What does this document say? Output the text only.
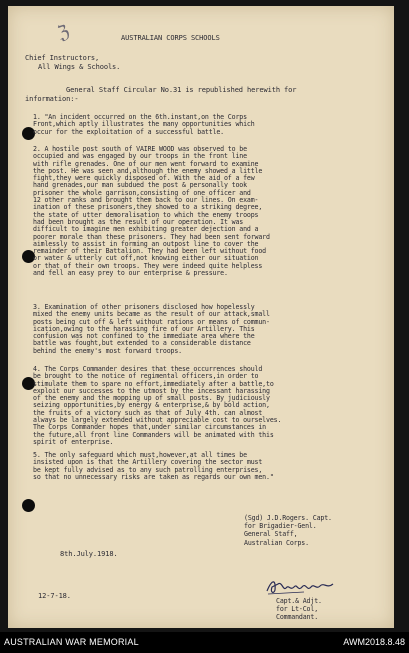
ℨ	AUSTRALIAN CORPS SCHOOLS

Chief Instructors,

All Wings & Schools.

General Staff Circular No.31 is republished herewith for

information:-

1. "An incident occurred on the 6th.instant,on the Corps
Front,which aptly illustrates the many opportunities which
occur for the exploitation of a successful battle.
2. A hostile post south of VAIRE WOOD was observed to be
occupied and was engaged by our troops in the front line
with rifle grenades. One of our men went forward to examine
the post. He was seen and,although the enemy showed a little
fight,they were quickly disposed of. With the aid of a few
hand grenades,our man subdued the post & personally took
prisoner the whole garrison,consisting of one officer and
12 other ranks and brought them back to our lines. On exam-
ination of these prisoners,they showed to a striking degree,
the state of utter demoralisation to which the enemy troops
had been brought as the result of our operation. It was
difficult to imagine men exhibiting greater dejection and a
poorer morale than these prisoners. They had been sent forward
aimlessly to assist in forming an outpost line to cover the
remainder of their Battalion. They had been left without food
or water & utterly cut off,not knowing either our situation
or that of their own troops. They were indeed quite helpless
and fell an easy prey to our enterprise & pressure.
3. Examination of other prisoners disclosed how hopelessly
mixed the enemy units became as the result of our attack,small
posts being cut off & left without rations or means of commun-
ication,owing to the harassing fire of our Artillery. This
confusion was not confined to the immediate area where the
battle was fought,but extended to a considerable distance
behind the enemy's most forward troops.
4. The Corps Commander desires that these occurrences should
be brought to the notice of regimental officers,in order to
stimulate them to spare no effort,immediately after a battle,to
exploit our successes to the utmost by the incessant harassing
of the enemy and the mopping up of small posts. By judiciously
seizing opportunities,by energy & enterprise,& by bold action,
the fruits of a victory such as that of July 4th. can almost
always be largely extended without appreciable cost to ourselves.
The Corps Commander hopes that,under similar circumstances in
the future,all front line Commanders will be animated with this
spirit of enterprise.
5. The only safeguard which must,however,at all times be
insisted upon is that the Artillery covering the sector must
be kept fully advised as to any such patrolling enterprises,
so that no unnecessary risks are taken as regards our own men."
(Sgd) J.D.Rogers. Capt.
for Brigadier-Genl.
General Staff,
Australian Corps.

8th.July.1918.

Capt.& Adjt.
for Lt-Col,
Commandant.

12-7-18.

AUSTRALIAN WAR MEMORIAL	AWM2018.8.48
